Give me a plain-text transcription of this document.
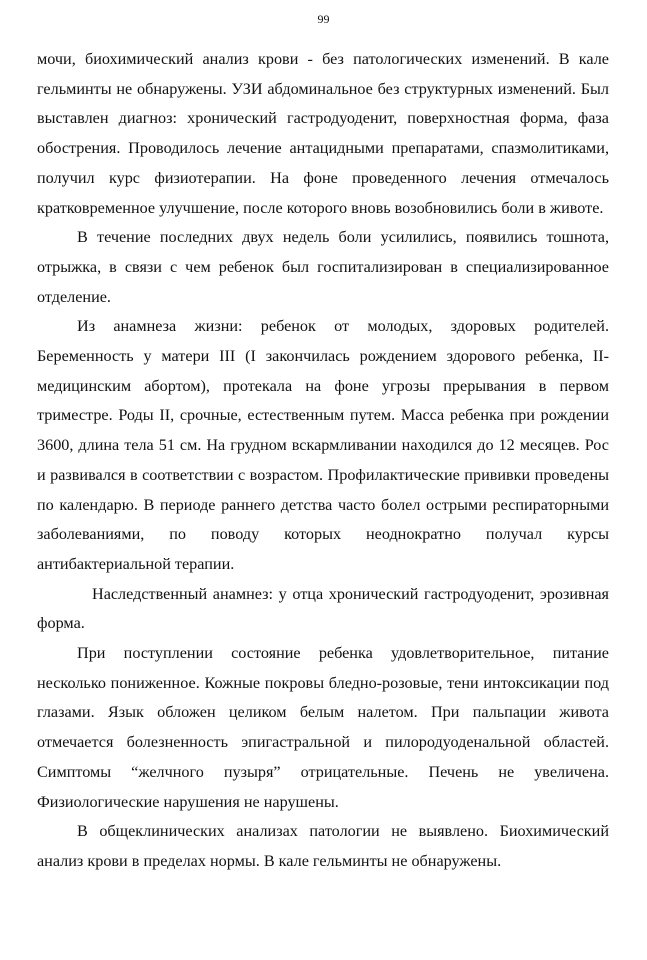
99

мочи, биохимический анализ крови - без патологических изменений. В кале гельминты не обнаружены. УЗИ абдоминальное без структурных изменений. Был выставлен диагноз: хронический гастродуоденит, поверхностная форма, фаза обострения. Проводилось лечение антацидными препаратами, спазмолитиками, получил курс физиотерапии. На фоне проведенного лечения отмечалось кратковременное улучшение, после которого вновь возобновились боли в животе.

В течение последних двух недель боли усилились, появились тошнота, отрыжка, в связи с чем ребенок был госпитализирован в специализированное отделение.

Из анамнеза жизни: ребенок от молодых, здоровых родителей. Беременность у матери III (I закончилась рождением здорового ребенка, II-медицинским абортом), протекала на фоне угрозы прерывания в первом триместре. Роды II, срочные, естественным путем. Масса ребенка при рождении 3600, длина тела 51 см. На грудном вскармливании находился до 12 месяцев. Рос и развивался в соответствии с возрастом. Профилактические прививки проведены по календарю. В периоде раннего детства часто болел острыми респираторными заболеваниями, по поводу которых неоднократно получал курсы антибактериальной терапии.

Наследственный анамнез: у отца хронический гастродуоденит, эрозивная форма.

При поступлении состояние ребенка удовлетворительное, питание несколько пониженное. Кожные покровы бледно-розовые, тени интоксикации под глазами. Язык обложен целиком белым налетом. При пальпации живота отмечается болезненность эпигастральной и пилородуоденальной областей. Симптомы “желчного пузыря” отрицательные. Печень не увеличена. Физиологические нарушения не нарушены.

В общеклинических анализах патологии не выявлено. Биохимический анализ крови в пределах нормы. В кале гельминты не обнаружены.
